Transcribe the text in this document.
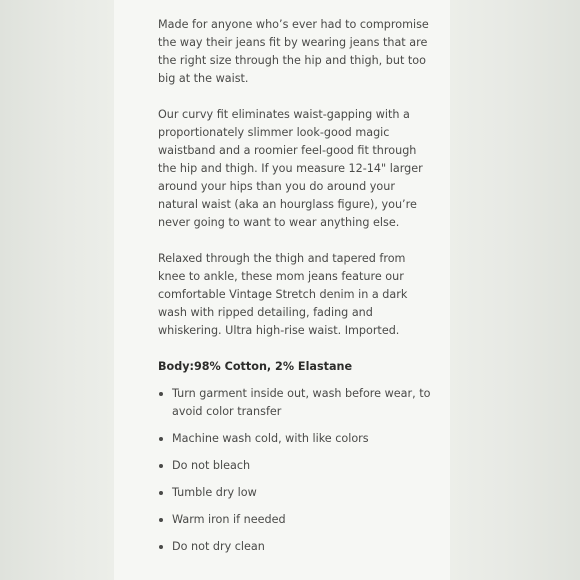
Made for anyone who’s ever had to compromise the way their jeans fit by wearing jeans that are the right size through the hip and thigh, but too big at the waist.

Our curvy fit eliminates waist-gapping with a proportionately slimmer look-good magic waistband and a roomier feel-good fit through the hip and thigh. If you measure 12-14" larger around your hips than you do around your natural waist (aka an hourglass figure), you’re never going to want to wear anything else.

Relaxed through the thigh and tapered from knee to ankle, these mom jeans feature our comfortable Vintage Stretch denim in a dark wash with ripped detailing, fading and whiskering. Ultra high-rise waist. Imported.

Body:98% Cotton, 2% Elastane

Turn garment inside out, wash before wear, to avoid color transfer
Machine wash cold, with like colors
Do not bleach
Tumble dry low
Warm iron if needed
Do not dry clean
